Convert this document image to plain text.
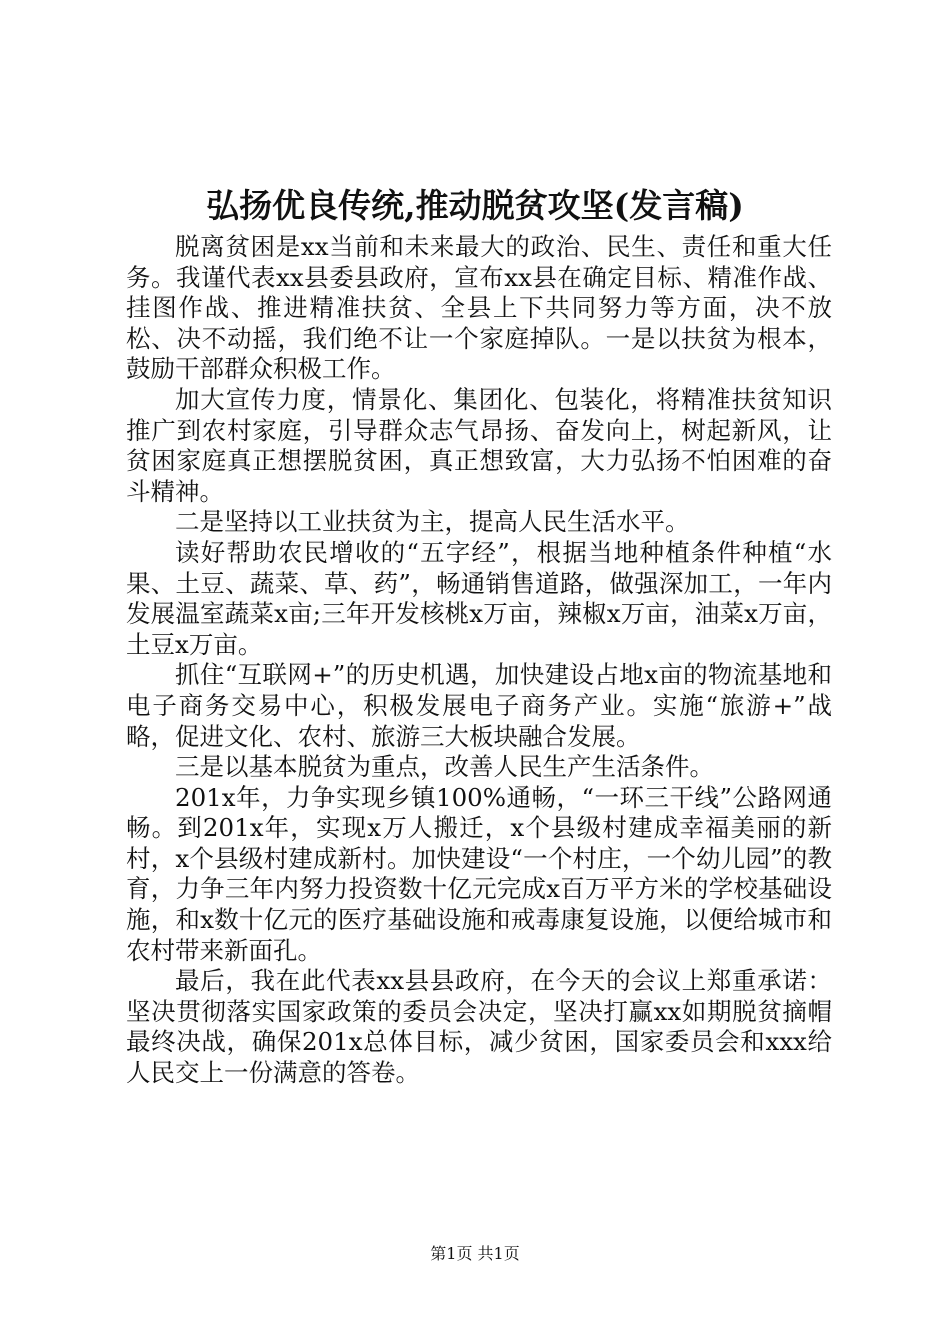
弘扬优良传统,推动脱贫攻坚(发言稿)

脱离贫困是xx当前和未来最大的政治、民生、责任和重大任务。我谨代表xx县委县政府，宣布xx县在确定目标、精准作战、挂图作战、推进精准扶贫、全县上下共同努力等方面，决不放松、决不动摇，我们绝不让一个家庭掉队。一是以扶贫为根本，鼓励干部群众积极工作。

加大宣传力度，情景化、集团化、包装化，将精准扶贫知识推广到农村家庭，引导群众志气昂扬、奋发向上，树起新风，让贫困家庭真正想摆脱贫困，真正想致富，大力弘扬不怕困难的奋斗精神。

二是坚持以工业扶贫为主，提高人民生活水平。

读好帮助农民增收的“五字经”，根据当地种植条件种植“水果、土豆、蔬菜、草、药”，畅通销售道路，做强深加工，一年内发展温室蔬菜x亩;三年开发核桃x万亩，辣椒x万亩，油菜x万亩，土豆x万亩。

抓住“互联网+”的历史机遇，加快建设占地x亩的物流基地和电子商务交易中心，积极发展电子商务产业。实施“旅游+”战略，促进文化、农村、旅游三大板块融合发展。

三是以基本脱贫为重点，改善人民生产生活条件。

201x年，力争实现乡镇100%通畅，“一环三干线”公路网通畅。到201x年，实现x万人搬迁，x个县级村建成幸福美丽的新村，x个县级村建成新村。加快建设“一个村庄，一个幼儿园”的教育，力争三年内努力投资数十亿元完成x百万平方米的学校基础设施，和x数十亿元的医疗基础设施和戒毒康复设施，以便给城市和农村带来新面孔。

最后，我在此代表xx县县政府，在今天的会议上郑重承诺：坚决贯彻落实国家政策的委员会决定，坚决打赢xx如期脱贫摘帽最终决战，确保201x总体目标，减少贫困，国家委员会和xxx给人民交上一份满意的答卷。

第1页 共1页
